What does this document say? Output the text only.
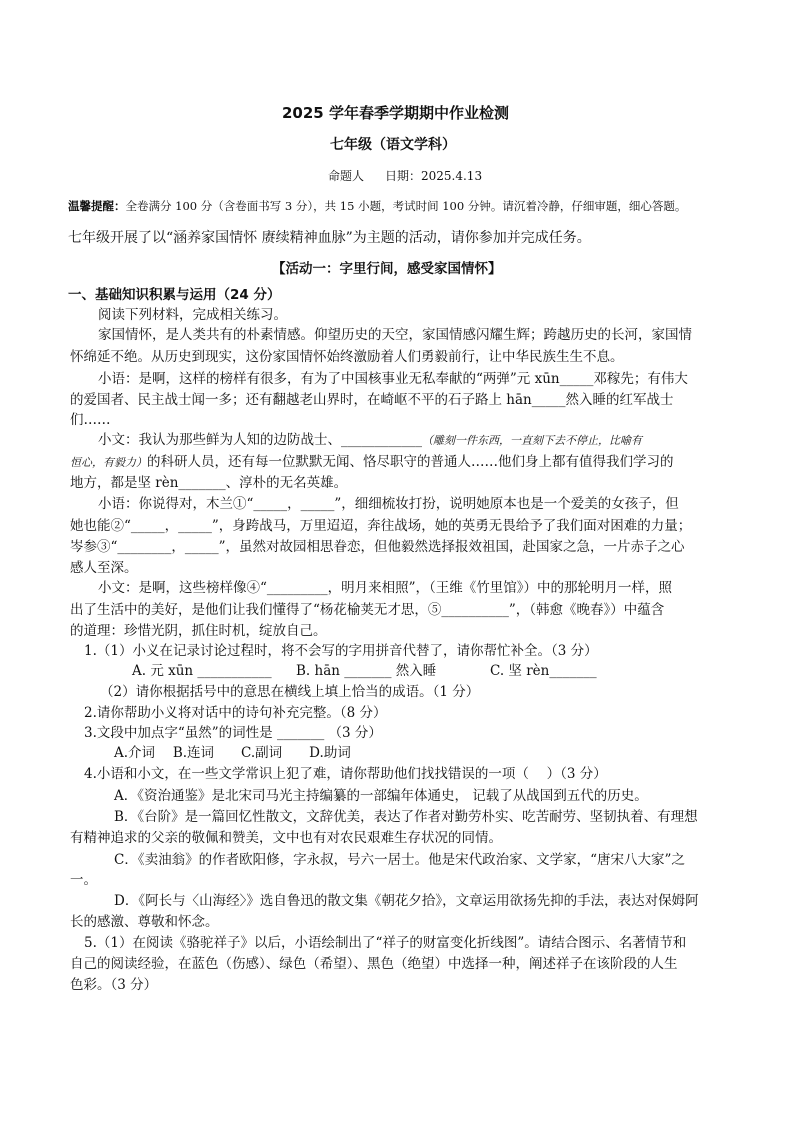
2025 学年春季学期期中作业检测
七年级（语文学科）
命题人 日期：2025.4.13
温馨提醒：全卷满分 100 分（含卷面书写 3 分），共 15 小题，考试时间 100 分钟。请沉着冷静，仔细审题，细心答题。
七年级开展了以“涵养家国情怀 赓续精神血脉”为主题的活动，请你参加并完成任务。
【活动一：字里行间，感受家国情怀】
一、基础知识积累与运用（24 分）
阅读下列材料，完成相关练习。
家国情怀，是人类共有的朴素情感。仰望历史的天空，家国情感闪耀生辉；跨越历史的长河，家国情
怀绵延不绝。从历史到现实，这份家国情怀始终激励着人们勇毅前行，让中华民族生生不息。
小语：是啊，这样的榜样有很多，有为了中国核事业无私奉献的“两弹”元 xūn_____邓稼先；有伟大
的爱国者、民主战士闻一多；还有翻越老山界时，在崎岖不平的石子路上 hān_____然入睡的红军战士
们……
小文：我认为那些鲜为人知的边防战士、____________（雕刻一件东西，一直刻下去不停止，比喻有
恒心，有毅力）的科研人员，还有每一位默默无闻、恪尽职守的普通人……他们身上都有值得我们学习的
地方，都是坚 rèn_______、淳朴的无名英雄。
小语：你说得对，木兰①“_____，_____”，细细梳妆打扮，说明她原本也是一个爱美的女孩子，但
她也能②“_____，_____”，身跨战马，万里迢迢，奔往战场，她的英勇无畏给予了我们面对困难的力量；
岑参③“________，_____”，虽然对故园相思眷恋，但他毅然选择报效祖国，赴国家之急，一片赤子之心
感人至深。
小文：是啊，这些榜样像④“_________，明月来相照”，（王维《竹里馆》）中的那轮明月一样，照
出了生活中的美好，是他们让我们懂得了“杨花榆荚无才思，⑤__________”，（韩愈《晚春》）中蕴含
的道理：珍惜光阴，抓住时机，绽放自己。
1.（1）小义在记录讨论过程时，将不会写的字用拼音代替了，请你帮忙补全。（3 分）
A. 元 xūn ___________ B. hān _______ 然入睡	C. 坚 rèn_______
（2）请你根据括号中的意思在横线上填上恰当的成语。（1 分）
2.请你帮助小义将对话中的诗句补充完整。（8 分）
3.文段中加点字“虽然”的词性是 _______ （3 分）
A.介词　 B.连词　　C.副词　　D.助词
4.小语和小文，在一些文学常识上犯了难，请你帮助他们找找错误的一项（　 ）（3 分）
A．《资治通鉴》是北宋司马光主持编纂的一部编年体通史， 记载了从战国到五代的历史。
B．《台阶》是一篇回忆性散文，文辞优美，表达了作者对勤劳朴实、吃苦耐劳、坚韧执着、有理想
有精神追求的父亲的敬佩和赞美，文中也有对农民艰难生存状况的同情。
C．《卖油翁》的作者欧阳修，字永叔，号六一居士。他是宋代政治家、文学家，“唐宋八大家”之
一。
D．《阿长与〈山海经〉》选自鲁迅的散文集《朝花夕拾》，文章运用欲扬先抑的手法，表达对保姆阿
长的感激、尊敬和怀念。
5.（1）在阅读《骆驼祥子》以后，小语绘制出了“祥子的财富变化折线图”。请结合图示、名著情节和
自己的阅读经验，在蓝色（伤感）、绿色（希望）、黑色（绝望）中选择一种，阐述祥子在该阶段的人生
色彩。（3 分）
